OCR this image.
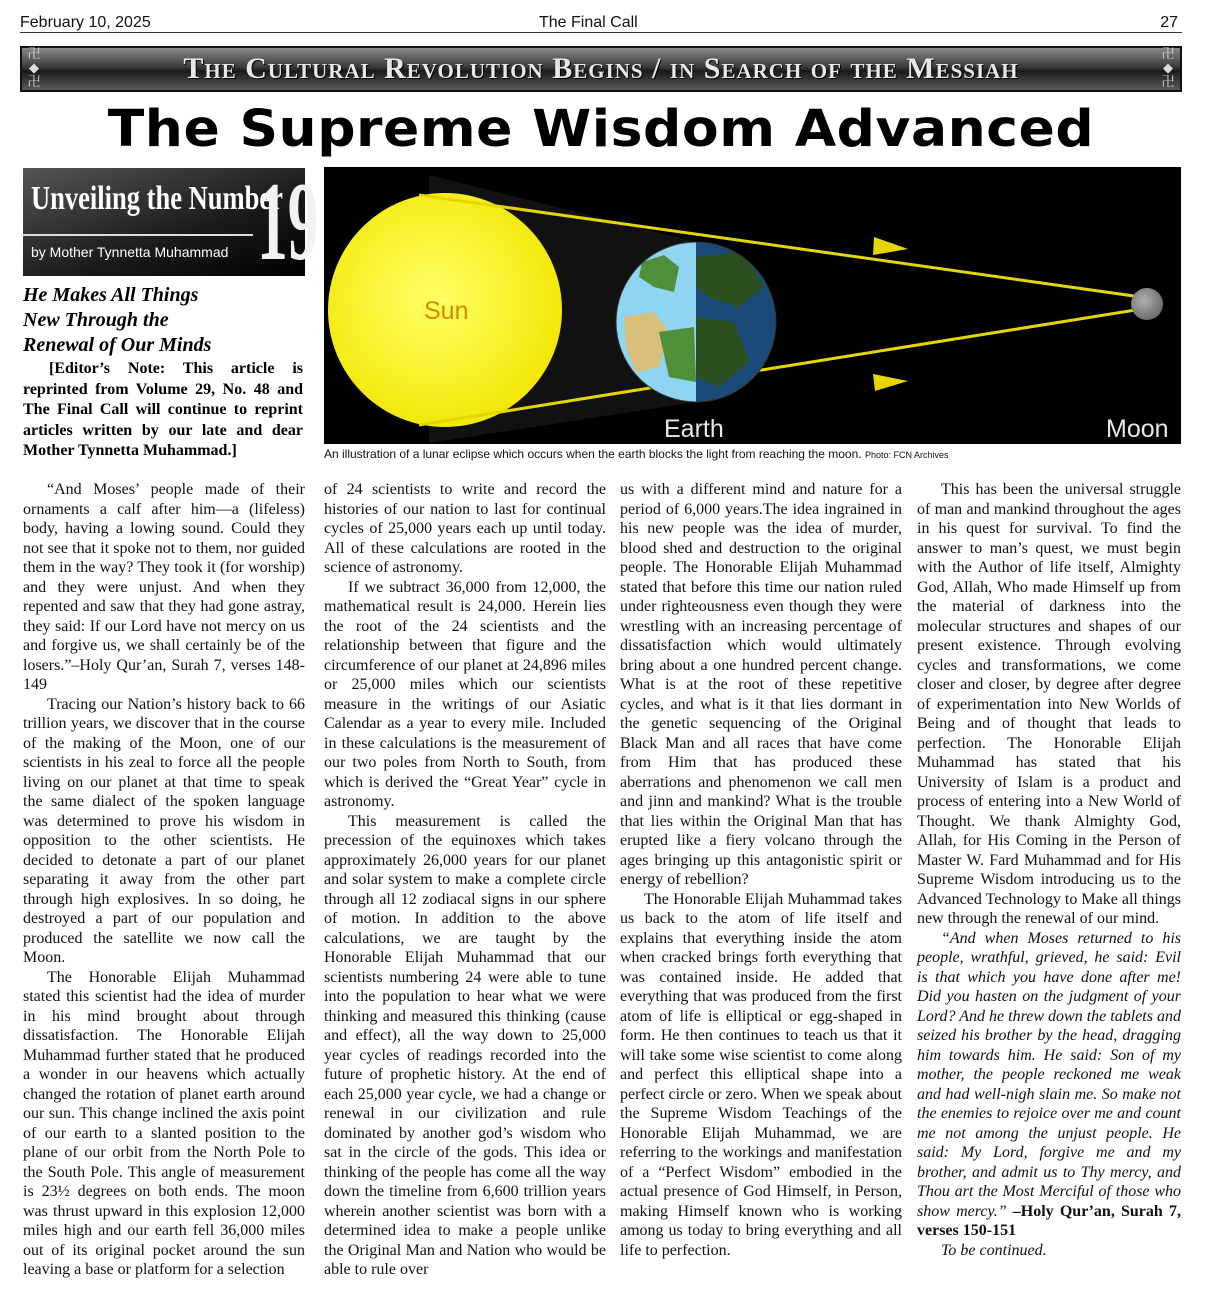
February 10, 2025	The Final Call	27
卍
◆
卍	The Cultural Revolution Begins / in Search of the Messiah	卍
◆
卍
The Supreme Wisdom Advanced
Unveiling the Number
by Mother Tynnetta Muhammad 19
He Makes All Things
New Through the
Renewal of Our Minds
[Editor’s Note: This article is reprinted from Volume 29, No. 48 and The Final Call will continue to reprint articles written by our late and dear Mother Tynnetta Muhammad.]
Sun
Earth	Moon
An illustration of a lunar eclipse which occurs when the earth blocks the light from reaching the moon. Photo: FCN Archives

“And Moses’ people made of their ornaments a calf after him—a (lifeless) body, having a lowing sound. Could they not see that it spoke not to them, nor guided them in the way? They took it (for worship) and they were unjust. And when they repented and saw that they had gone astray, they said: If our Lord have not mercy on us and forgive us, we shall certainly be of the losers.”–Holy Qur’an, Surah 7, verses 148-149

Tracing our Nation’s history back to 66 trillion years, we discover that in the course of the making of the Moon, one of our scientists in his zeal to force all the people living on our planet at that time to speak the same dialect of the spoken language was determined to prove his wisdom in opposition to the other scientists. He decided to detonate a part of our planet separating it away from the other part through high explosives. In so doing, he destroyed a part of our population and produced the satellite we now call the Moon.

The Honorable Elijah Muhammad stated this scientist had the idea of murder in his mind brought about through dissatisfaction. The Honorable Elijah Muhammad further stated that he produced a wonder in our heavens which actually changed the rotation of planet earth around our sun. This change inclined the axis point of our earth to a slanted position to the plane of our orbit from the North Pole to the South Pole. This angle of measurement is 23½ degrees on both ends. The moon was thrust upward in this explosion 12,000 miles high and our earth fell 36,000 miles out of its original pocket around the sun leaving a base or platform for a selection

of 24 scientists to write and record the histories of our nation to last for continual cycles of 25,000 years each up until today. All of these calculations are rooted in the science of astronomy.

If we subtract 36,000 from 12,000, the mathematical result is 24,000. Herein lies the root of the 24 scientists and the relationship between that figure and the circumference of our planet at 24,896 miles or 25,000 miles which our scientists measure in the writings of our Asiatic Calendar as a year to every mile. Included in these calculations is the measurement of our two poles from North to South, from which is derived the “Great Year” cycle in astronomy.

This measurement is called the precession of the equinoxes which takes approximately 26,000 years for our planet and solar system to make a complete circle through all 12 zodiacal signs in our sphere of motion. In addition to the above calculations, we are taught by the Honorable Elijah Muhammad that our scientists numbering 24 were able to tune into the population to hear what we were thinking and measured this thinking (cause and effect), all the way down to 25,000 year cycles of readings recorded into the future of prophetic history. At the end of each 25,000 year cycle, we had a change or renewal in our civilization and rule dominated by another god’s wisdom who sat in the circle of the gods. This idea or thinking of the people has come all the way down the timeline from 6,600 trillion years wherein another scientist was born with a determined idea to make a people unlike the Original Man and Nation who would be able to rule over

us with a different mind and nature for a period of 6,000 years.The idea ingrained in his new people was the idea of murder, blood shed and destruction to the original people. The Honorable Elijah Muhammad stated that before this time our nation ruled under righteousness even though they were wrestling with an increasing percentage of dissatisfaction which would ultimately bring about a one hundred percent change. What is at the root of these repetitive cycles, and what is it that lies dormant in the genetic sequencing of the Original Black Man and all races that have come from Him that has produced these aberrations and phenomenon we call men and jinn and mankind? What is the trouble that lies within the Original Man that has erupted like a fiery volcano through the ages bringing up this antagonistic spirit or energy of rebellion?

The Honorable Elijah Muhammad takes us back to the atom of life itself and explains that everything inside the atom when cracked brings forth everything that was contained inside. He added that everything that was produced from the first atom of life is elliptical or egg-shaped in form. He then continues to teach us that it will take some wise scientist to come along and perfect this elliptical shape into a perfect circle or zero. When we speak about the Supreme Wisdom Teachings of the Honorable Elijah Muhammad, we are referring to the workings and manifestation of a “Perfect Wisdom” embodied in the actual presence of God Himself, in Person, making Himself known who is working among us today to bring everything and all life to perfection.

This has been the universal struggle of man and mankind throughout the ages in his quest for survival. To find the answer to man’s quest, we must begin with the Author of life itself, Almighty God, Allah, Who made Himself up from the material of darkness into the molecular structures and shapes of our present existence. Through evolving cycles and transformations, we come closer and closer, by degree after degree of experimentation into New Worlds of Being and of thought that leads to perfection. The Honorable Elijah Muhammad has stated that his University of Islam is a product and process of entering into a New World of Thought. We thank Almighty God, Allah, for His Coming in the Person of Master W. Fard Muhammad and for His Supreme Wisdom introducing us to the Advanced Technology to Make all things new through the renewal of our mind.

“And when Moses returned to his people, wrathful, grieved, he said: Evil is that which you have done after me! Did you hasten on the judgment of your Lord? And he threw down the tablets and seized his brother by the head, dragging him towards him. He said: Son of my mother, the people reckoned me weak and had well-nigh slain me. So make not the enemies to rejoice over me and count me not among the unjust people. He said: My Lord, forgive me and my brother, and admit us to Thy mercy, and Thou art the Most Merciful of those who show mercy.” –Holy Qur’an, Surah 7, verses 150-151

To be continued.
